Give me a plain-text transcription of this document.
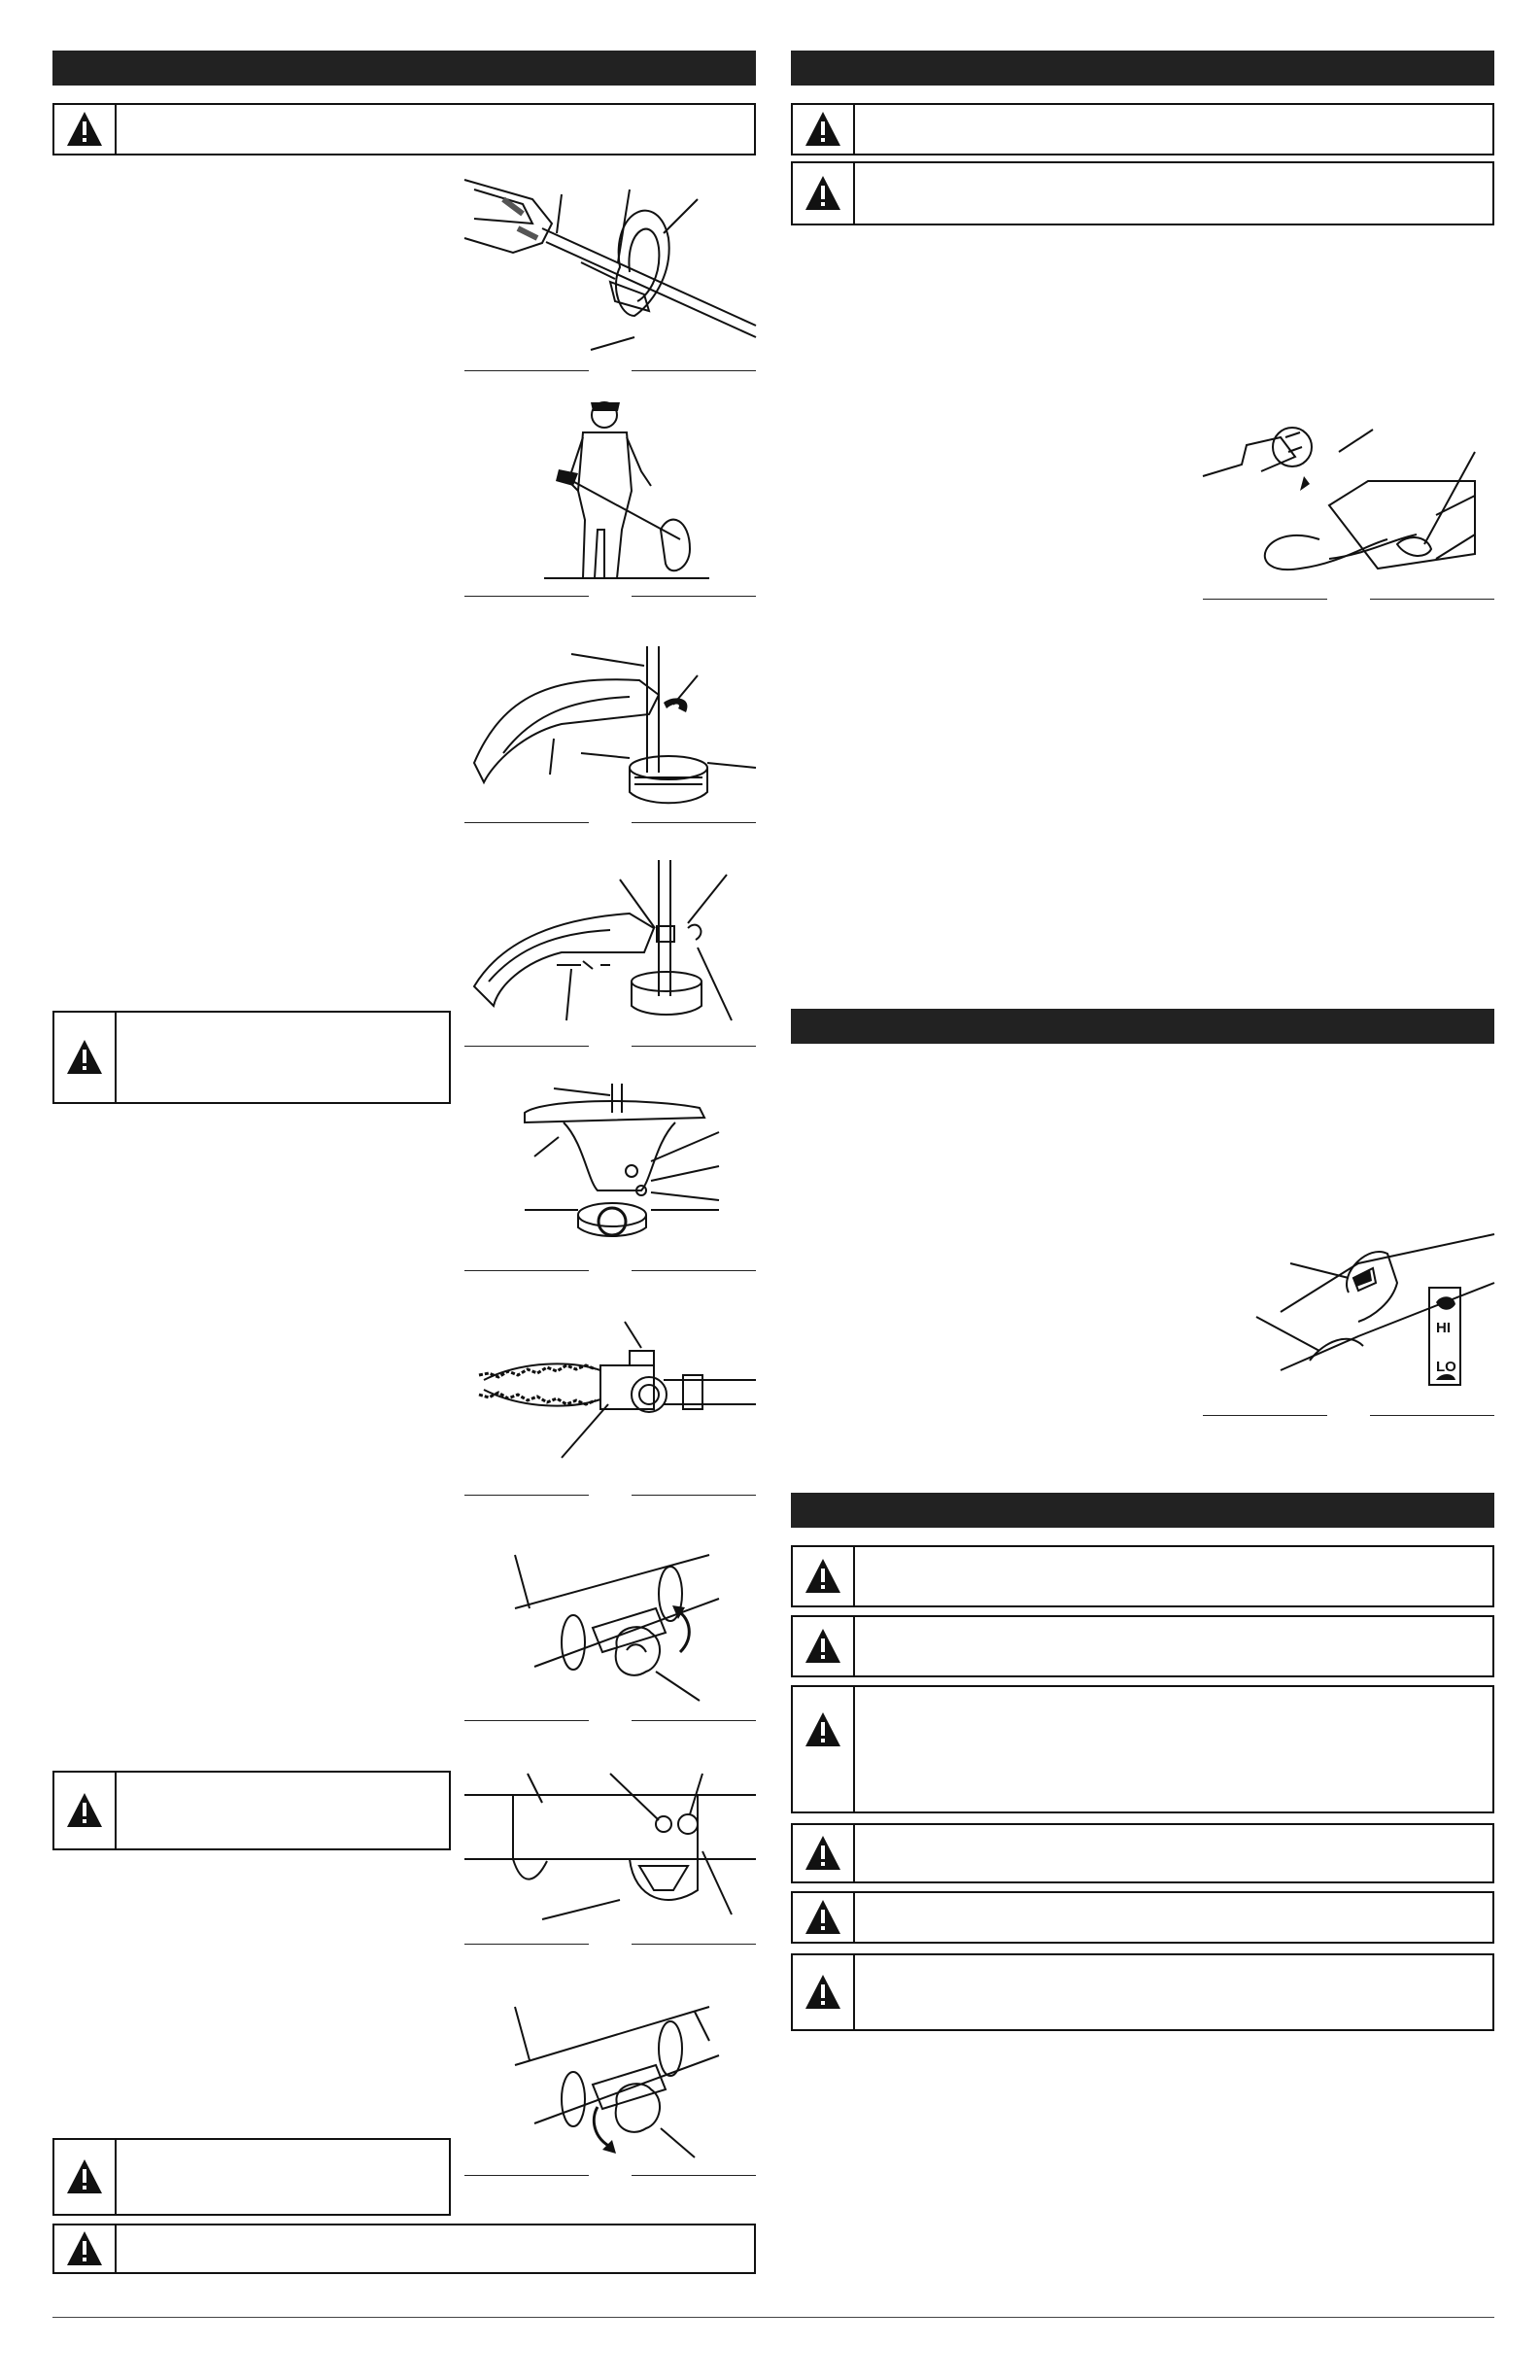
HI
LO
